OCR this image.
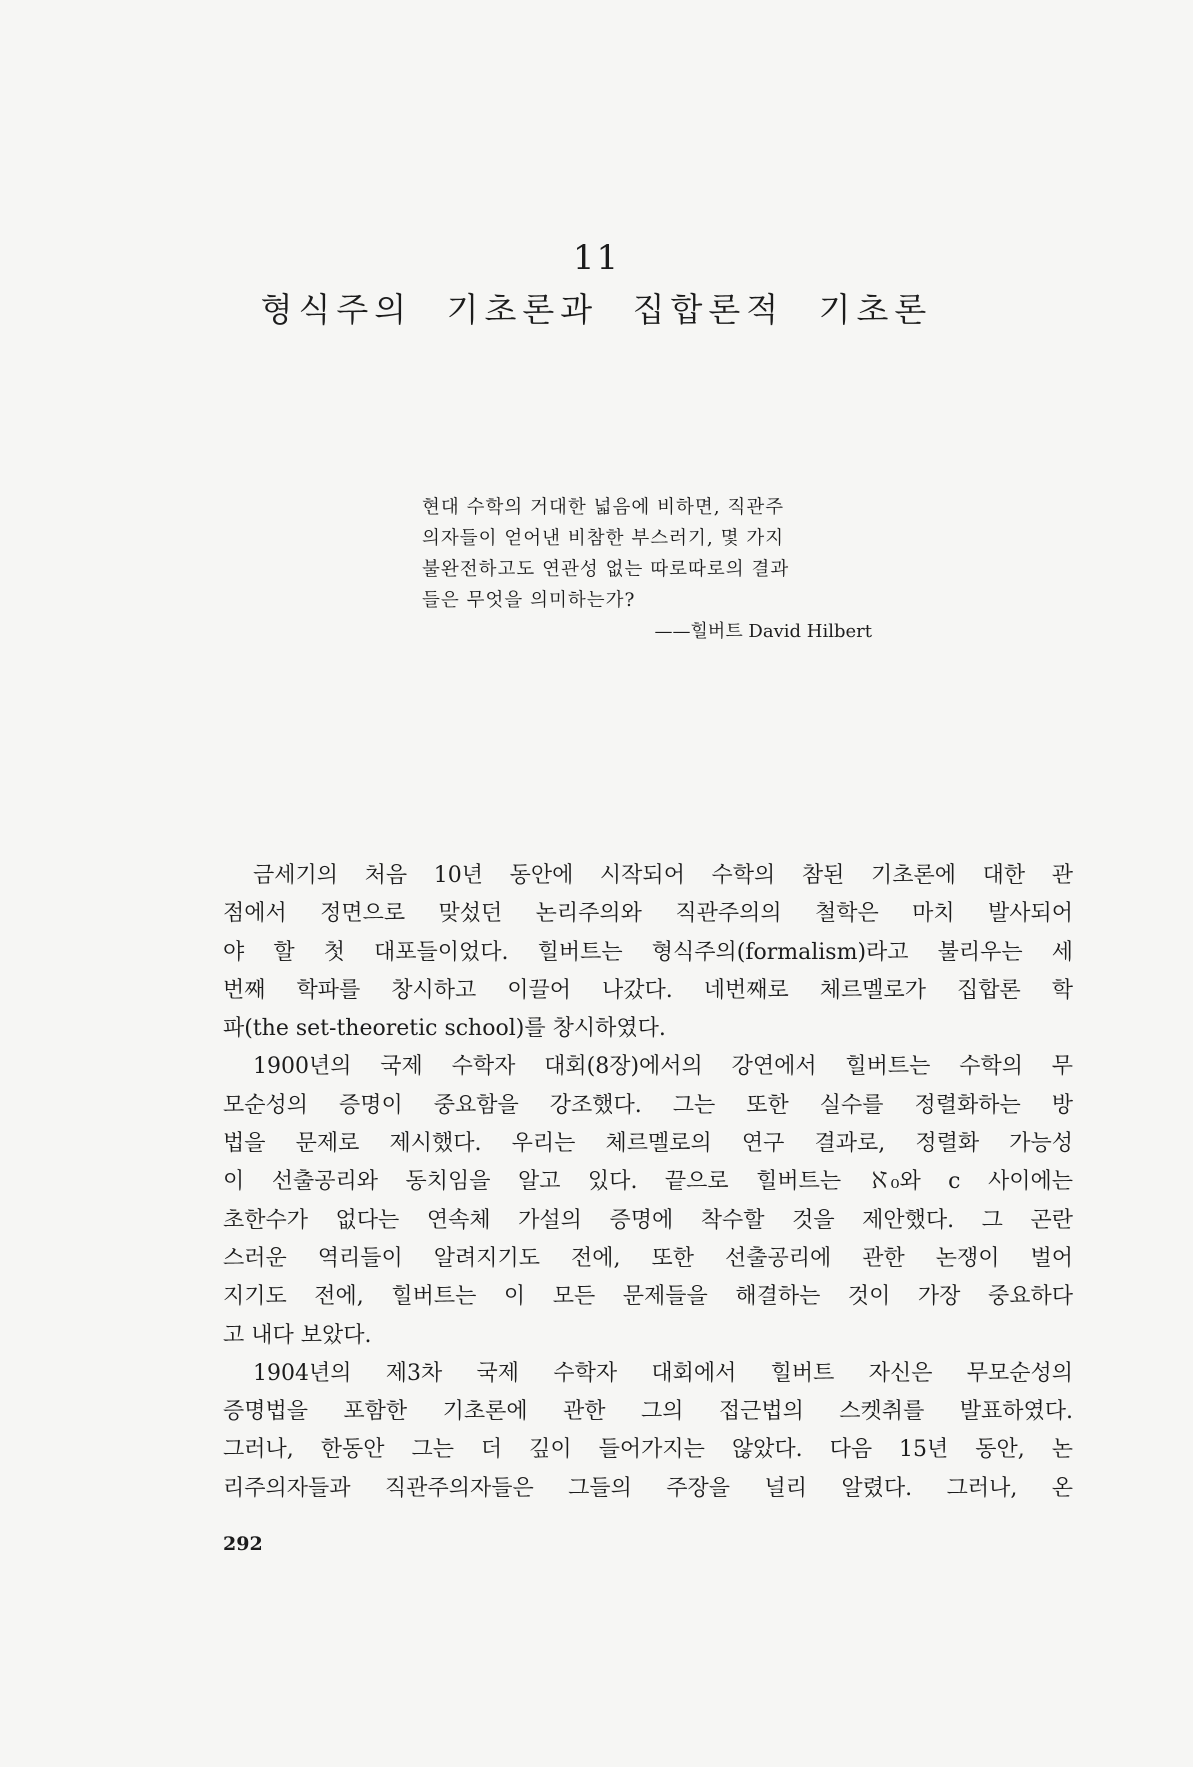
11
형식주의 기초론과 집합론적 기초론
현대 수학의 거대한 넓음에 비하면, 직관주
의자들이 얻어낸 비참한 부스러기, 몇 가지
불완전하고도 연관성 없는 따로따로의 결과
들은 무엇을 의미하는가?
——힐버트 David Hilbert
금세기의 처음 10년 동안에 시작되어 수학의 참된 기초론에 대한 관
점에서 정면으로 맞섰던 논리주의와 직관주의의 철학은 마치 발사되어
야 할 첫 대포들이었다. 힐버트는 형식주의(formalism)라고 불리우는 세
번째 학파를 창시하고 이끌어 나갔다. 네번째로 체르멜로가 집합론 학
파(the set-theoretic school)를 창시하였다.
1900년의 국제 수학자 대회(8장)에서의 강연에서 힐버트는 수학의 무
모순성의 증명이 중요함을 강조했다. 그는 또한 실수를 정렬화하는 방
법을 문제로 제시했다. 우리는 체르멜로의 연구 결과로, 정렬화 가능성
이 선출공리와 동치임을 알고 있다. 끝으로 힐버트는 ℵ₀와 c 사이에는
초한수가 없다는 연속체 가설의 증명에 착수할 것을 제안했다. 그 곤란
스러운 역리들이 알려지기도 전에, 또한 선출공리에 관한 논쟁이 벌어
지기도 전에, 힐버트는 이 모든 문제들을 해결하는 것이 가장 중요하다
고 내다 보았다.
1904년의 제3차 국제 수학자 대회에서 힐버트 자신은 무모순성의
증명법을 포함한 기초론에 관한 그의 접근법의 스켓취를 발표하였다.
그러나, 한동안 그는 더 깊이 들어가지는 않았다. 다음 15년 동안, 논
리주의자들과 직관주의자들은 그들의 주장을 널리 알렸다. 그러나, 온
292
